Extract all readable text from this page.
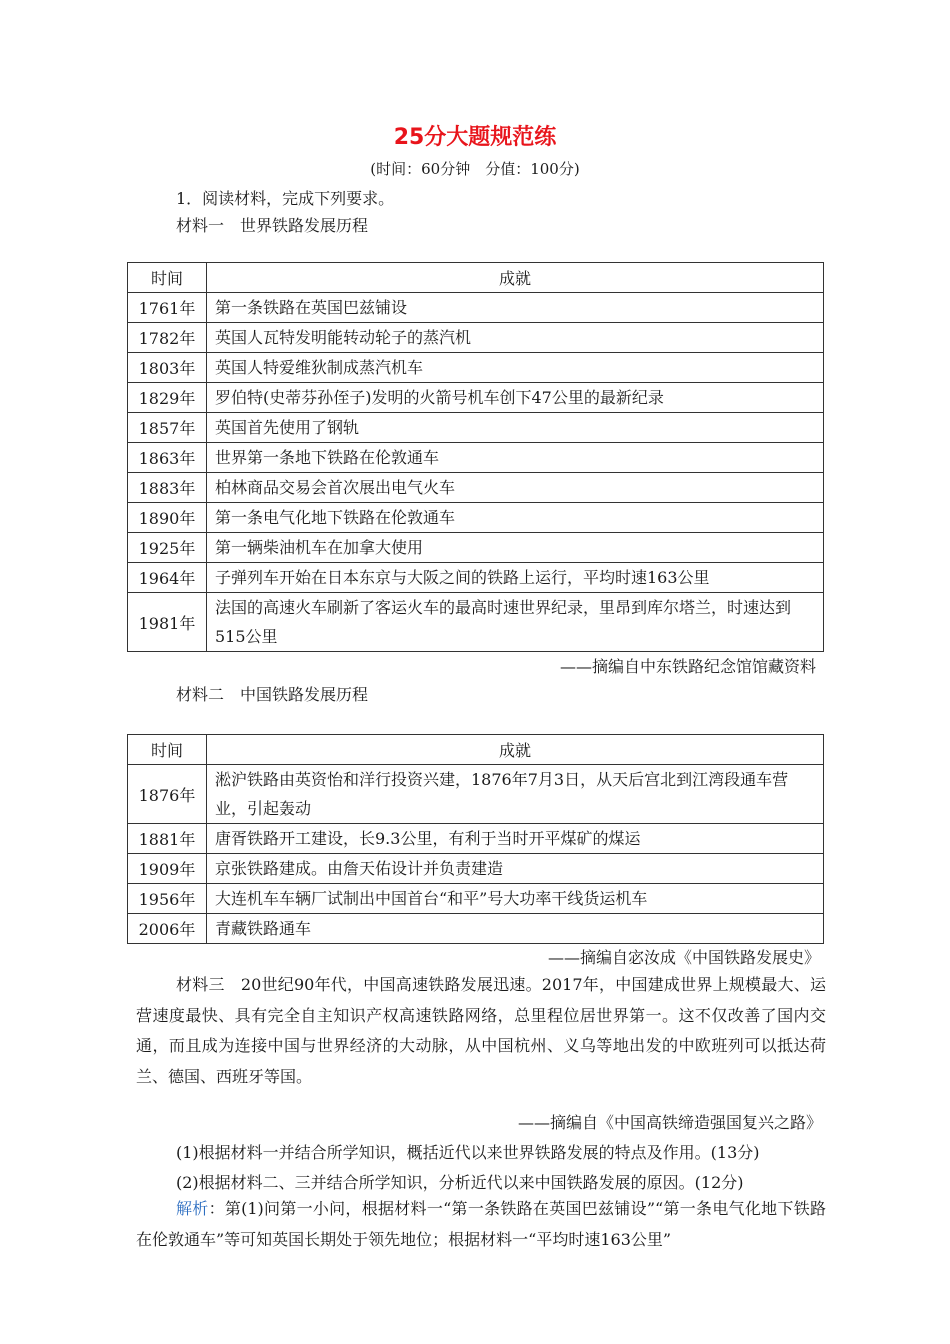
25分大题规范练
(时间：60分钟　分值：100分)
1．阅读材料，完成下列要求。
材料一　世界铁路发展历程
时间	成就
1761年	第一条铁路在英国巴兹铺设
1782年	英国人瓦特发明能转动轮子的蒸汽机
1803年	英国人特爱维狄制成蒸汽机车
1829年	罗伯特(史蒂芬孙侄子)发明的火箭号机车创下47公里的最新纪录
1857年	英国首先使用了钢轨
1863年	世界第一条地下铁路在伦敦通车
1883年	柏林商品交易会首次展出电气火车
1890年	第一条电气化地下铁路在伦敦通车
1925年	第一辆柴油机车在加拿大使用
1964年	子弹列车开始在日本东京与大阪之间的铁路上运行，平均时速163公里
1981年	法国的高速火车刷新了客运火车的最高时速世界纪录，里昂到库尔塔兰，时速达到515公里
——摘编自中东铁路纪念馆馆藏资料
材料二　中国铁路发展历程
时间	成就
1876年	淞沪铁路由英资怡和洋行投资兴建，1876年7月3日，从天后宫北到江湾段通车营业，引起轰动
1881年	唐胥铁路开工建设，长9.3公里，有利于当时开平煤矿的煤运
1909年	京张铁路建成。由詹天佑设计并负责建造
1956年	大连机车车辆厂试制出中国首台“和平”号大功率干线货运机车
2006年	青藏铁路通车
——摘编自宓汝成《中国铁路发展史》
材料三　20世纪90年代，中国高速铁路发展迅速。2017年，中国建成世界上规模最大、运营速度最快、具有完全自主知识产权高速铁路网络，总里程位居世界第一。这不仅改善了国内交通，而且成为连接中国与世界经济的大动脉，从中国杭州、义乌等地出发的中欧班列可以抵达荷兰、德国、西班牙等国。
——摘编自《中国高铁缔造强国复兴之路》
(1)根据材料一并结合所学知识，概括近代以来世界铁路发展的特点及作用。(13分)
(2)根据材料二、三并结合所学知识，分析近代以来中国铁路发展的原因。(12分)
解析：第(1)问第一小问，根据材料一“第一条铁路在英国巴兹铺设”“第一条电气化地下铁路在伦敦通车”等可知英国长期处于领先地位；根据材料一“平均时速163公里”
